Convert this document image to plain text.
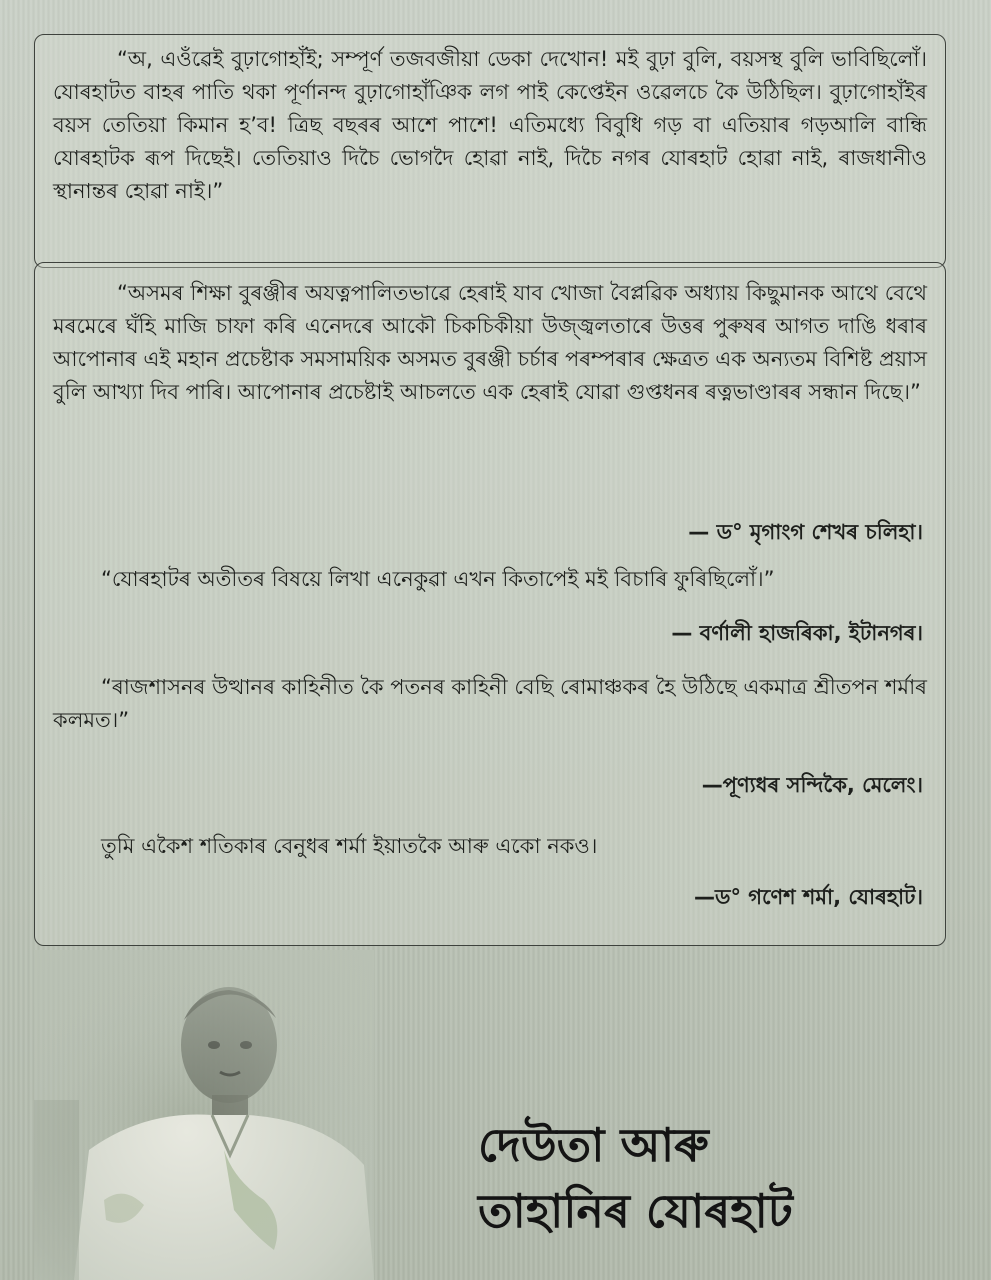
“অ, এওঁৱেই বুঢ়াগোহাঁই; সম্পূৰ্ণ তজবজীয়া ডেকা দেখোন! মই বুঢ়া বুলি, বয়সস্থ বুলি ভাবিছিলোঁ। যোৰহাটত বাহৰ পাতি থকা পূৰ্ণানন্দ বুঢ়াগোহাঁঞিক লগ পাই কেপ্তেইন ওৱেলচে কৈ উঠিছিল। বুঢ়াগোহাঁইৰ বয়স তেতিয়া কিমান হ’ব! ত্ৰিছ বছৰৰ আশে পাশে! এতিমধ্যে বিবুধি গড় বা এতিয়াৰ গড়আলি বান্ধি যোৰহাটক ৰূপ দিছেই। তেতিয়াও দিচৈ ভোগদৈ হোৱা নাই, দিচৈ নগৰ যোৰহাট হোৱা নাই, ৰাজধানীও স্থানান্তৰ হোৱা নাই।”

“অসমৰ শিক্ষা বুৰঞ্জীৰ অযত্নপালিতভাৱে হেৰাই যাব খোজা বৈপ্লৱিক অধ্যায় কিছুমানক আথে বেথে মৰমেৰে ঘঁহি মাজি চাফা কৰি এনেদৰে আকৌ চিকচিকীয়া উজ্জ্বলতাৰে উত্তৰ পুৰুষৰ আগত দাঙি ধৰাৰ আপোনাৰ এই মহান প্ৰচেষ্টাক সমসাময়িক অসমত বুৰঞ্জী চৰ্চাৰ পৰম্পৰাৰ ক্ষেত্ৰত এক অন্যতম বিশিষ্ট প্ৰয়াস বুলি আখ্যা দিব পাৰি। আপোনাৰ প্ৰচেষ্টাই আচলতে এক হেৰাই যোৱা গুপ্তধনৰ ৰত্নভাণ্ডাৰৰ সন্ধান দিছে।”

— ড° মৃগাংগ শেখৰ চলিহা।

“যোৰহাটৰ অতীতৰ বিষয়ে লিখা এনেকুৱা এখন কিতাপেই মই বিচাৰি ফুৰিছিলোঁ।”

— বৰ্ণালী হাজৰিকা, ইটানগৰ।

“ৰাজশাসনৰ উত্থানৰ কাহিনীত কৈ পতনৰ কাহিনী বেছি ৰোমাঞ্চকৰ হৈ উঠিছে একমাত্ৰ শ্ৰীতপন শৰ্মাৰ কলমত।”

—পূণ্যধৰ সন্দিকৈ, মেলেং।

তুমি একৈশ শতিকাৰ বেনুধৰ শৰ্মা ইয়াতকৈ আৰু একো নকও।

—ড° গণেশ শৰ্মা, যোৰহাট।
দেউতা আৰু
তাহানিৰ যোৰহাট
